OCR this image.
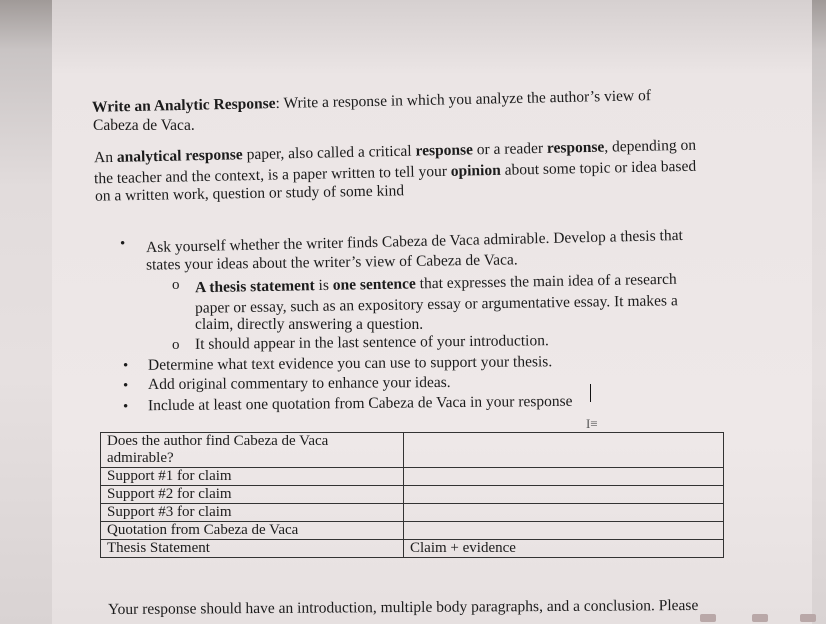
Write an Analytic Response: Write a response in which you analyze the author’s view of
Cabeza de Vaca.
An analytical response paper, also called a critical response or a reader response, depending on
the teacher and the context, is a paper written to tell your opinion about some topic or idea based
on a written work, question or study of some kind
• Ask yourself whether the writer finds Cabeza de Vaca admirable. Develop a thesis that
states your ideas about the writer’s view of Cabeza de Vaca.
o A thesis statement is one sentence that expresses the main idea of a research
paper or essay, such as an expository essay or argumentative essay. It makes a
claim, directly answering a question.
o It should appear in the last sentence of your introduction.
• Determine what text evidence you can use to support your thesis.
• Add original commentary to enhance your ideas.
• Include at least one quotation from Cabeza de Vaca in your response
I≡
Does the author find Cabeza de Vaca admirable?	
Support #1 for claim	
Support #2 for claim	
Support #3 for claim	
Quotation from Cabeza de Vaca	
Thesis Statement	Claim + evidence
Your response should have an introduction, multiple body paragraphs, and a conclusion. Please
